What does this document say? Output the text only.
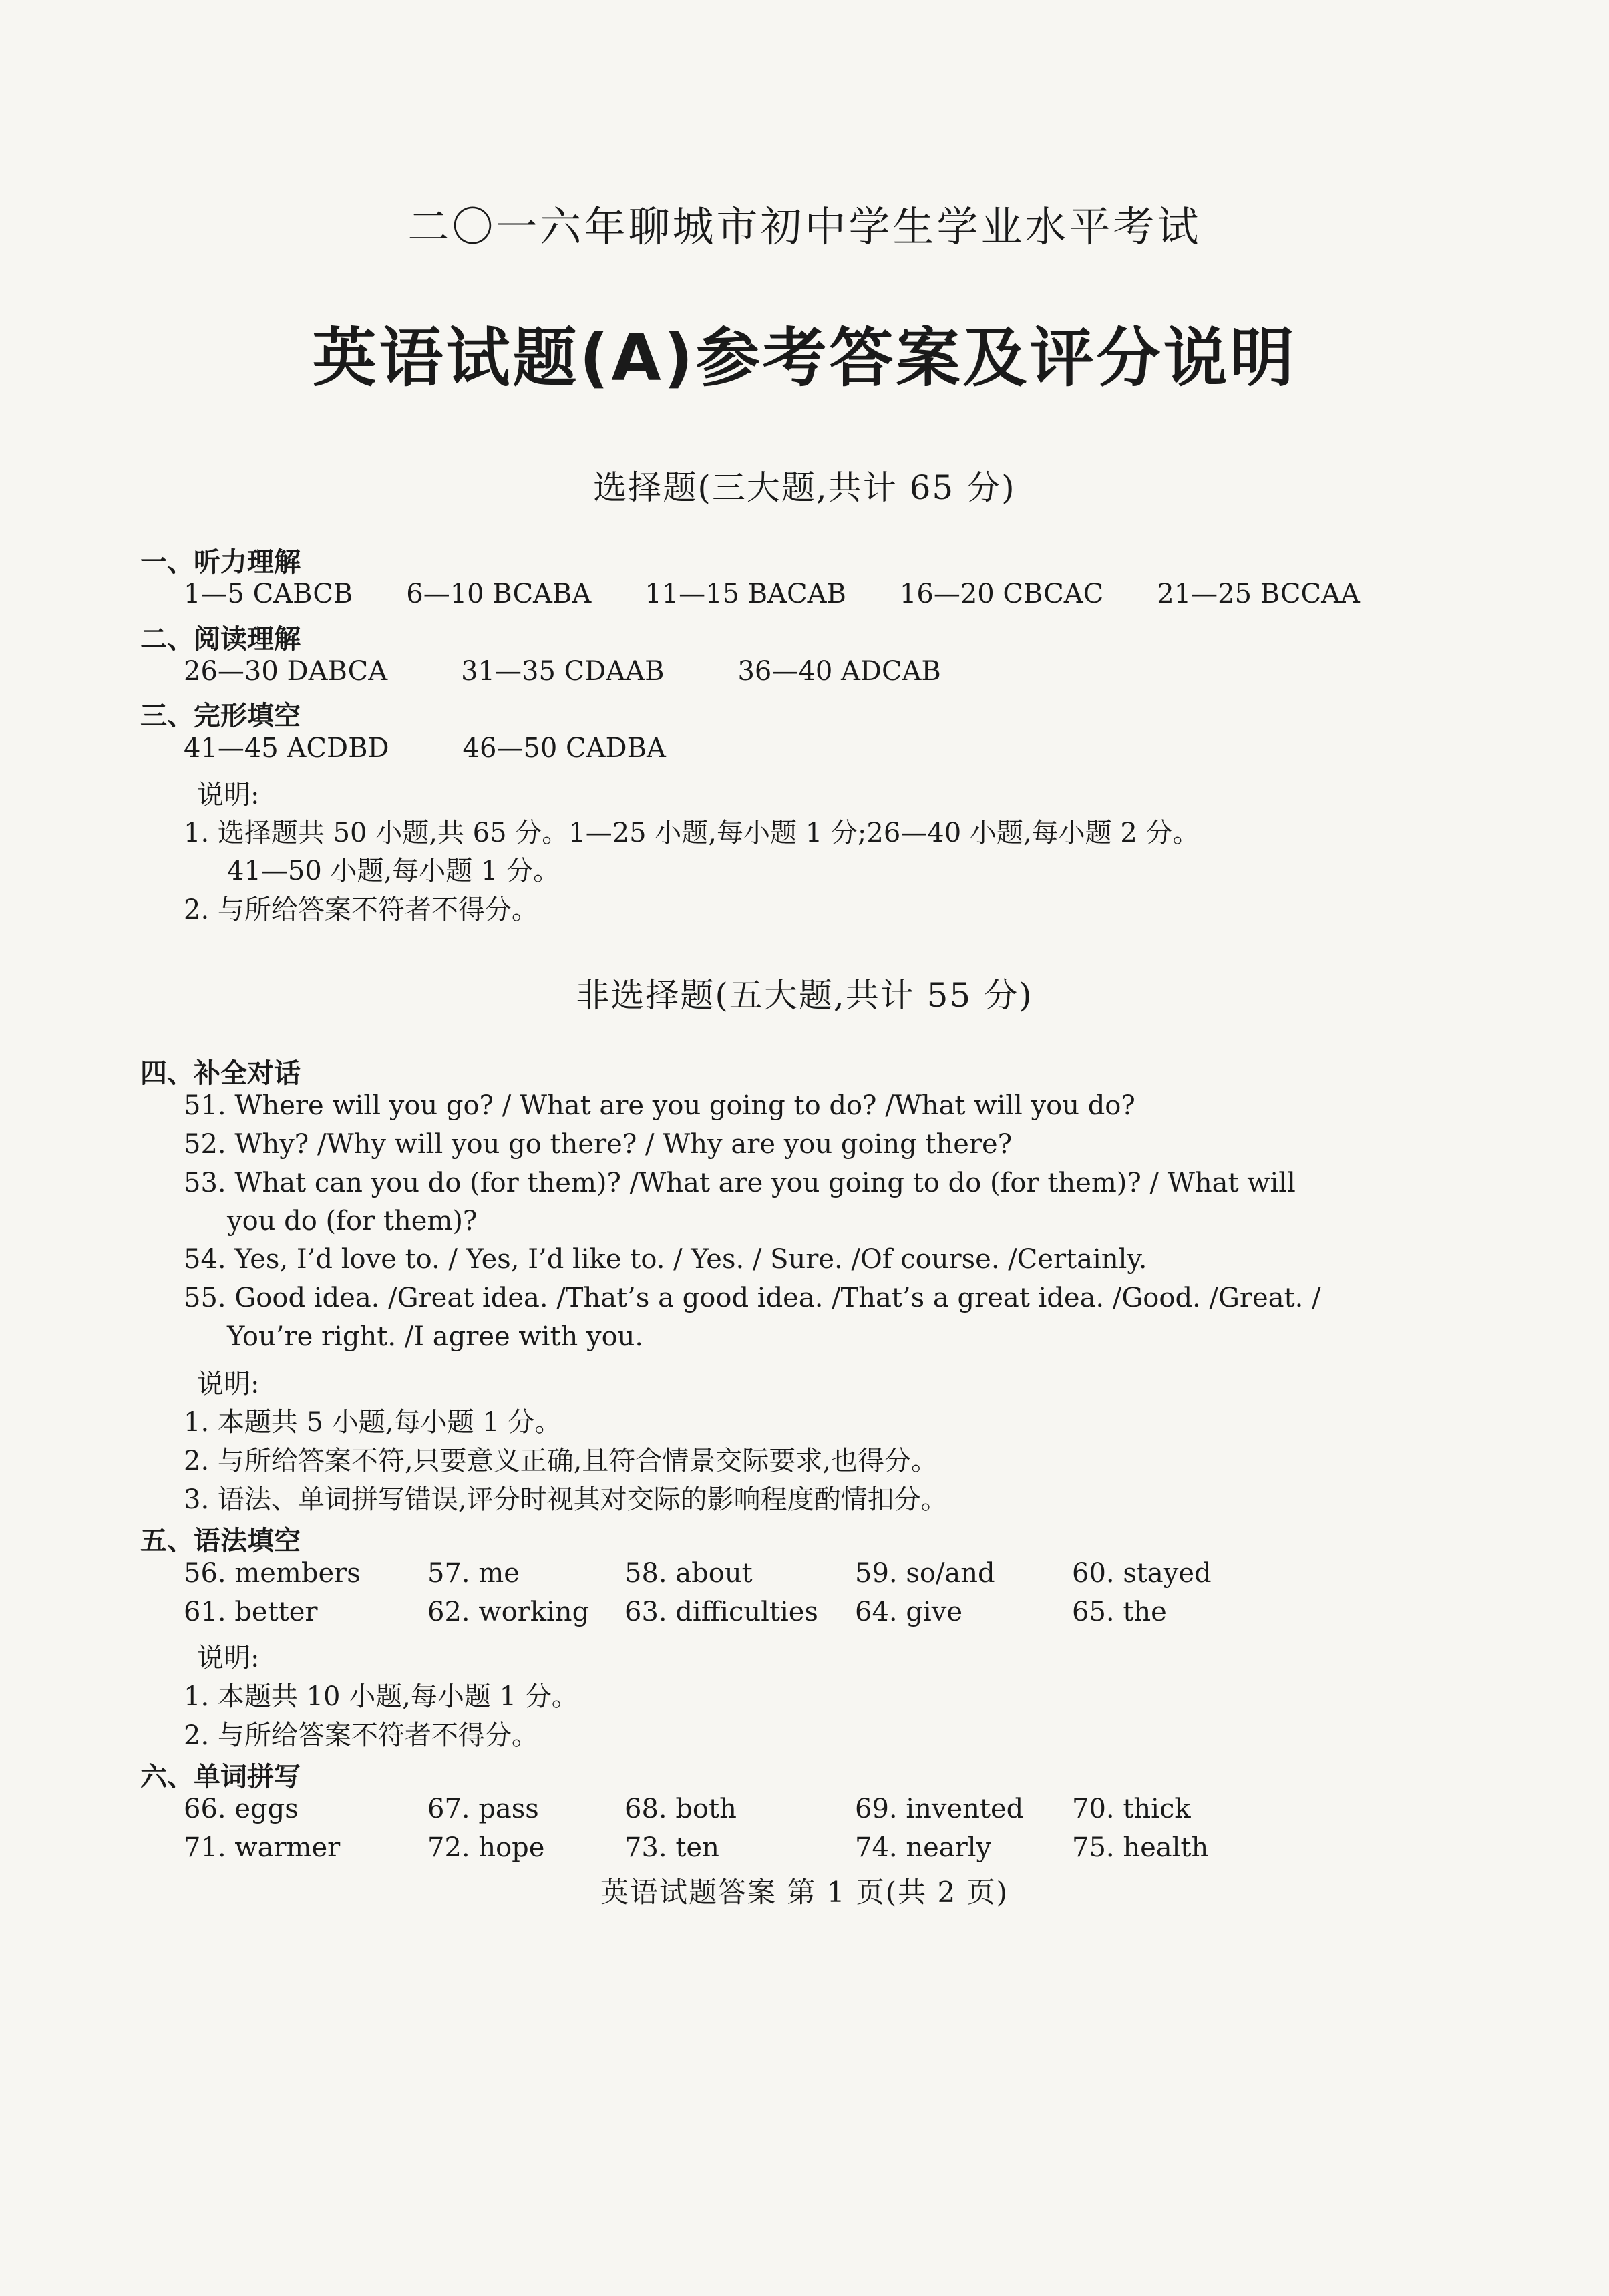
二〇一六年聊城市初中学生学业水平考试
英语试题(A)参考答案及评分说明
选择题(三大题,共计 65 分)
一、听力理解
1—5 CABCB 6—10 BCABA 11—15 BACAB 16—20 CBCAC 21—25 BCCAA
二、阅读理解
26—30 DABCA	31—35 CDAAB	36—40 ADCAB
三、完形填空
41—45 ACDBD	46—50 CADBA
说明:
1. 选择题共 50 小题,共 65 分。1—25 小题,每小题 1 分;26—40 小题,每小题 2 分。
41—50 小题,每小题 1 分。
2. 与所给答案不符者不得分。
非选择题(五大题,共计 55 分)
四、补全对话
51. Where will you go? / What are you going to do? /What will you do?
52. Why? /Why will you go there? / Why are you going there?
53. What can you do (for them)? /What are you going to do (for them)? / What will
you do (for them)?
54. Yes, I’d love to. / Yes, I’d like to. / Yes. / Sure. /Of course. /Certainly.
55. Good idea. /Great idea. /That’s a good idea. /That’s a great idea. /Good. /Great. /
You’re right. /I agree with you.
说明:
1. 本题共 5 小题,每小题 1 分。
2. 与所给答案不符,只要意义正确,且符合情景交际要求,也得分。
3. 语法、单词拼写错误,评分时视其对交际的影响程度酌情扣分。
五、语法填空
56. members	57. me	58. about	59. so/and	60. stayed
61. better	62. working 63. difficulties 64. give	65. the
说明:
1. 本题共 10 小题,每小题 1 分。
2. 与所给答案不符者不得分。
六、单词拼写
66. eggs	67. pass	68. both	69. invented 70. thick
71. warmer	72. hope	73. ten	74. nearly	75. health
英语试题答案 第 1 页(共 2 页)
